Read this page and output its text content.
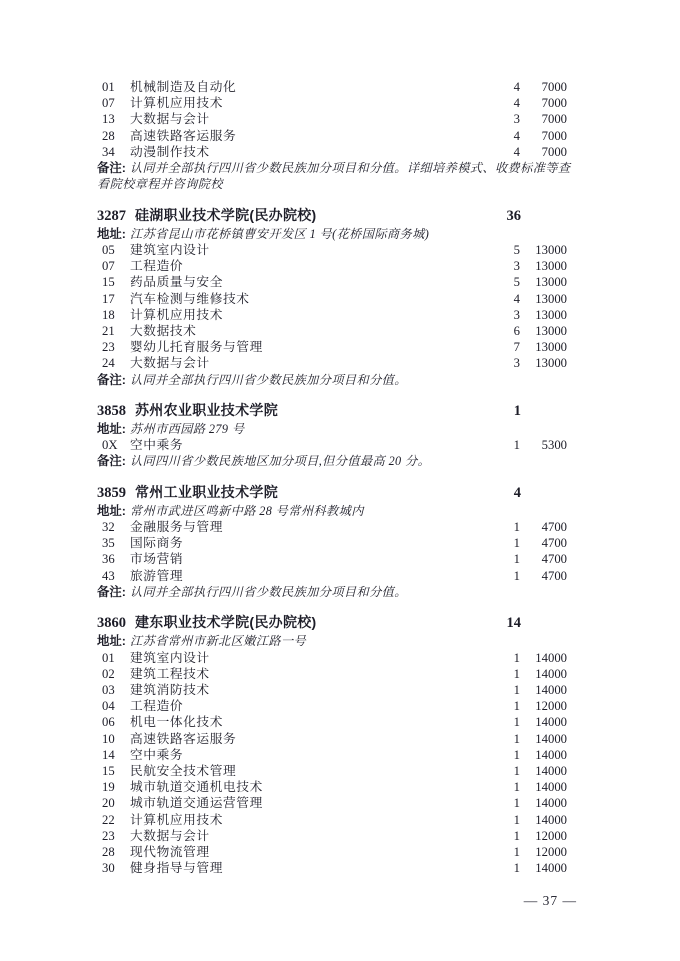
01	机械制造及自动化	4	7000
07	计算机应用技术	4	7000
13	大数据与会计	3	7000
28	高速铁路客运服务	4	7000
34	动漫制作技术	4	7000
备注: 认同并全部执行四川省少数民族加分项目和分值。详细培养模式、收费标准等查看院校章程并咨询院校
3287 硅湖职业技术学院(民办院校)	36
地址: 江苏省昆山市花桥镇曹安开发区 1 号(花桥国际商务城)
05	建筑室内设计	5	13000
07	工程造价	3	13000
15	药品质量与安全	5	13000
17	汽车检测与维修技术	4	13000
18	计算机应用技术	3	13000
21	大数据技术	6	13000
23	婴幼儿托育服务与管理	7	13000
24	大数据与会计	3	13000
备注: 认同并全部执行四川省少数民族加分项目和分值。
3858 苏州农业职业技术学院	1
地址: 苏州市西园路 279 号
0X 空中乘务	1	5300
备注: 认同四川省少数民族地区加分项目,但分值最高 20 分。
3859 常州工业职业技术学院	4
地址: 常州市武进区鸣新中路 28 号常州科教城内
32	金融服务与管理	1	4700
35	国际商务	1	4700
36	市场营销	1	4700
43	旅游管理	1	4700
备注: 认同并全部执行四川省少数民族加分项目和分值。
3860 建东职业技术学院(民办院校)	14
地址: 江苏省常州市新北区嫩江路一号
01	建筑室内设计	1	14000
02	建筑工程技术	1	14000
03	建筑消防技术	1	14000
04	工程造价	1	12000
06	机电一体化技术	1	14000
10	高速铁路客运服务	1	14000
14	空中乘务	1	14000
15	民航安全技术管理	1	14000
19	城市轨道交通机电技术	1	14000
20	城市轨道交通运营管理	1	14000
22	计算机应用技术	1	14000
23	大数据与会计	1	12000
28	现代物流管理	1	12000
30	健身指导与管理	1	14000
— 37 —
